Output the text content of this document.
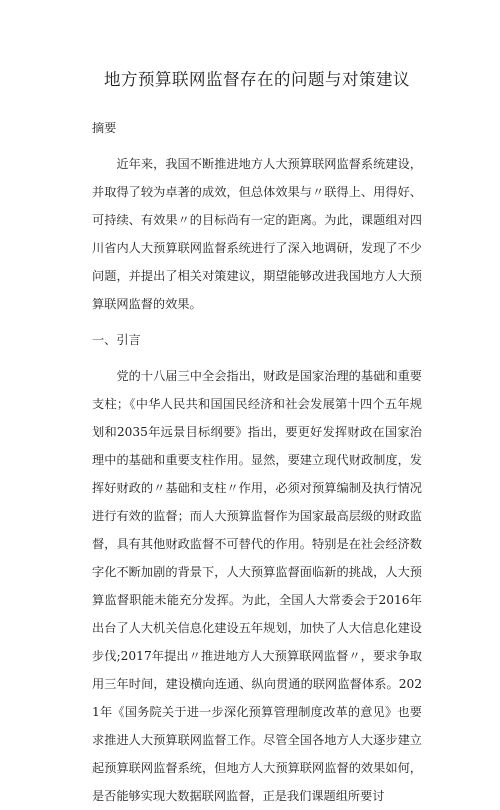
地方预算联网监督存在的问题与对策建议
摘要

近年来，我国不断推进地方人大预算联网监督系统建设，并取得了较为卓著的成效，但总体效果与〃联得上、用得好、可持续、有效果〃的目标尚有一定的距离。为此，课题组对四川省内人大预算联网监督系统进行了深入地调研，发现了不少问题，并提出了相关对策建议，期望能够改进我国地方人大预算联网监督的效果。

一、引言

党的十八届三中全会指出，财政是国家治理的基础和重要支柱；《中华人民共和国国民经济和社会发展第十四个五年规划和2035年远景目标纲要》指出，要更好发挥财政在国家治理中的基础和重要支柱作用。显然，要建立现代财政制度，发挥好财政的〃基础和支柱〃作用，必须对预算编制及执行情况进行有效的监督；而人大预算监督作为国家最高层级的财政监督，具有其他财政监督不可替代的作用。特别是在社会经济数字化不断加剧的背景下，人大预算监督面临新的挑战，人大预算监督职能未能充分发挥。为此，全国人大常委会于2016年出台了人大机关信息化建设五年规划，加快了人大信息化建设步伐;2017年提出〃推进地方人大预算联网监督〃，要求争取用三年时间，建设横向连通、纵向贯通的联网监督体系。2021年《国务院关于进一步深化预算管理制度改革的意见》也要求推进人大预算联网监督工作。尽管全国各地方人大逐步建立起预算联网监督系统，但地方人大预算联网监督的效果如何，是否能够实现大数据联网监督，正是我们课题组所要讨
